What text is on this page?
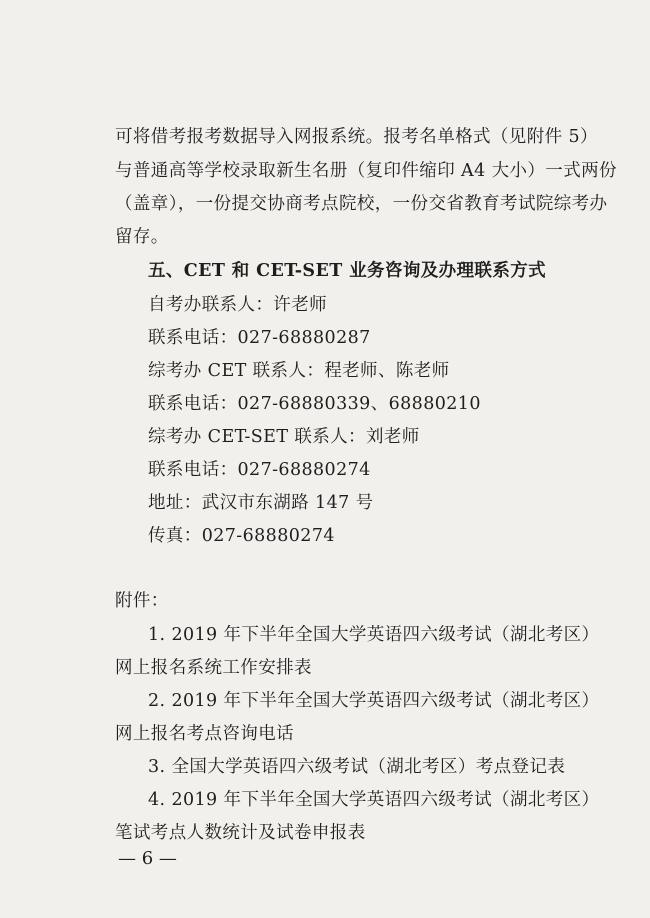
可将借考报考数据导入网报系统。报考名单格式（见附件 5）
与普通高等学校录取新生名册（复印件缩印 A4 大小）一式两份
（盖章），一份提交协商考点院校，一份交省教育考试院综考办
留存。
五、CET 和 CET-SET 业务咨询及办理联系方式
自考办联系人：许老师
联系电话：027-68880287
综考办 CET 联系人：程老师、陈老师
联系电话：027-68880339、68880210
综考办 CET-SET 联系人：刘老师
联系电话：027-68880274
地址：武汉市东湖路 147 号
传真：027-68880274
附件：
1. 2019 年下半年全国大学英语四六级考试（湖北考区）
网上报名系统工作安排表
2. 2019 年下半年全国大学英语四六级考试（湖北考区）
网上报名考点咨询电话
3. 全国大学英语四六级考试（湖北考区）考点登记表
4. 2019 年下半年全国大学英语四六级考试（湖北考区）
笔试考点人数统计及试卷申报表
— 6 —
